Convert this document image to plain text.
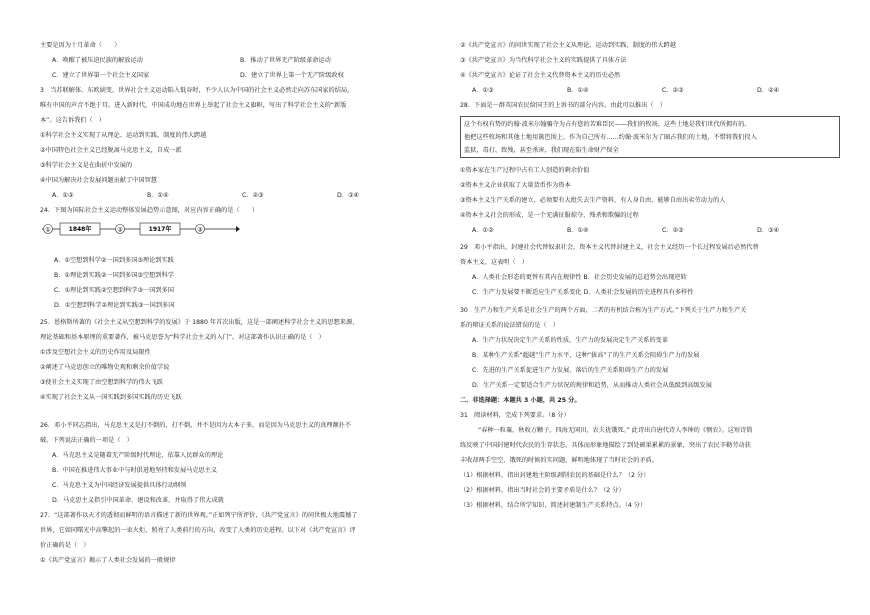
主要是因为十月革命（　　）
A．唤醒了被压迫民族的解放运动	B．推动了世界无产阶级革命运动
C．建立了世界第一个社会主义国家	D．建立了世界上第一个无产阶级政权
3　当苏联解体、东欧剧变，世界社会主义运动陷入低谷时，不少人认为中国的社会主义必然走向苏东国家的结局，
唯有中国的声音不绝于耳。进入新时代，中国成功地在世界上举起了社会主义旗帜，写出了科学社会主义的“新版
本”。这告诉我们（　）
①科学社会主义实现了从理论、运动到实践、制度的伟大跨越
②中国特色社会主义已经脱离马克思主义，自成一派
③科学社会主义是在曲折中发展的
④中国为解决社会发展问题贡献了中国智慧
A．①③	B．①④	C．②③	D．③④
24．下图为国际社会主义运动整体发展趋势示意图，对应内容正确的是（　　）
①	1848年	②	1917年	③
A．①空想到科学②一国到多国③理论到实践
B．①理论到实践②一国到多国③空想到科学
C．①理论到实践②空想到科学③一国到多国
D．①空想到科学②理论到实践③一国到多国
25．恩格斯所著的《社会主义从空想到科学的发展》于 1880 年首次出版，这是一部阐述科学社会主义的思想来源、
理论基础和基本原理的重要著作，被马克思誉为“科学社会主义的入门”。对这部著作认识正确的是（　）
①涉及空想社会主义的历史作用及局限性
②阐述了马克思创立的唯物史观和剩余价值学说
③使社会主义实现了由空想到科学的伟大飞跃
④实现了社会主义从一国实践到多国实践的历史飞跃
26．邓小平同志指出，马克思主义是打不倒的，打不倒，并不是因为大本子多，而是因为马克思主义的真理颠扑不
破。下列说法正确的一项是（　）
A．马克思主义是随着无产阶级时代理论、依靠人民群众的理论
B．中国在推进伟大事业中与时俱进地坚持和发展马克思主义
C．马克思主义为中国经济发展提供具体行动纲领
D．马克思主义指引中国革命、建设和改革，并取得了伟大成就
27．“这部著作以天才的透彻而鲜明的语言描述了新的世界观。”正如列宁所评价，《共产党宣言》的问世极大地震撼了
世界，它如同曙光中高擎起的一束火炬，照亮了人类前行的方向，改变了人类的历史进程。以下对《共产党宣言》评
价正确的是（　）
①《共产党宣言》揭示了人类社会发展的一般规律
②《共产党宣言》的问世实现了社会主义从理论、运动到实践、制度的伟大跨越
③《共产党宣言》为当代科学社会主义的实践提供了具体方法
④《共产党宣言》论证了社会主义代替资本主义的历史必然
A．①③	B．①④	C．②③	D．②④
28．下面是一群英国农民给国王的上诉书的部分内容。由此可以推出（　）
这个有权有势的约翰·波米尔翰骗夺为占有您的苦难臣民——我们的牧场，这些土地是我们世代所拥有的。
他把这些牧场和其他土地用篱笆围上，作为自己所有……约翰·波米尔为了圈占我们的土地，不惜将我们投入
监狱，毒打、致残，甚至杀害，我们现在陷生命财产保全
①资本家在生产过程中占有工人创造的剩余价值
②资本主义企业获取了大量货币作为资本
③资本主义生产关系的建立，必须要有大批失去生产资料、有人身自由、能够自由出卖劳动力的人
④资本主义社会的形成，是一个充满征服掠夺、残杀和欺骗的过程
A．①②	B．①④	C．②③	D．③④
29　邓小平指出，封建社会代替奴隶社会，资本主义代替封建主义，社会主义经历一个长过程发展后必然代替
资本主义。这表明（　）
A．人类社会形态的更替有其内在规律性 B．社会历史发展的总趋势会出现逆转
C．生产力发展要不断适应生产关系变化 D．人类社会发展的历史进程具有多样性
30　生产力和生产关系是社会生产的两个方面，二者的有机结合称为生产方式。”下列关于生产力和生产关
系的辩证关系的说法错误的是（　）
A．生产力状况决定生产关系的性质，生产力的发展决定生产关系的变革
B．某种生产关系“超越”生产力水平，这种“拔高”了的生产关系会阻碍生产力的发展
C．先进的生产关系促进生产力发展，落后的生产关系阻碍生产力的发展
D．生产关系一定要适合生产力状况的规律和趋势，从而推动人类社会从低级到高级发展
二、非选择题：本题共 3 小题，共 25 分。
31　阅读材料，完成下列要求。（8 分）
“春种一粒粟，秋收万颗子。四海无闲田，农夫犹饿死。” 此诗出自唐代诗人李绅的《悯农》。这短诗简
练反映了中国封建时代农民的生存状态，具体而形象地描绘了到处硕果累累的景象，突出了农民辛勤劳动获
丰收却两手空空、饿死的时候的实问题，鲜明地体现了当时社会的矛盾。
（1）根据材料，指出封建地主阶级剥削农民的基础是什么？（2 分）
（2）根据材料，指出当时社会的主要矛盾是什么？（2 分）
（3）根据材料，结合所学知识，简述封建制生产关系特点。（4 分）
